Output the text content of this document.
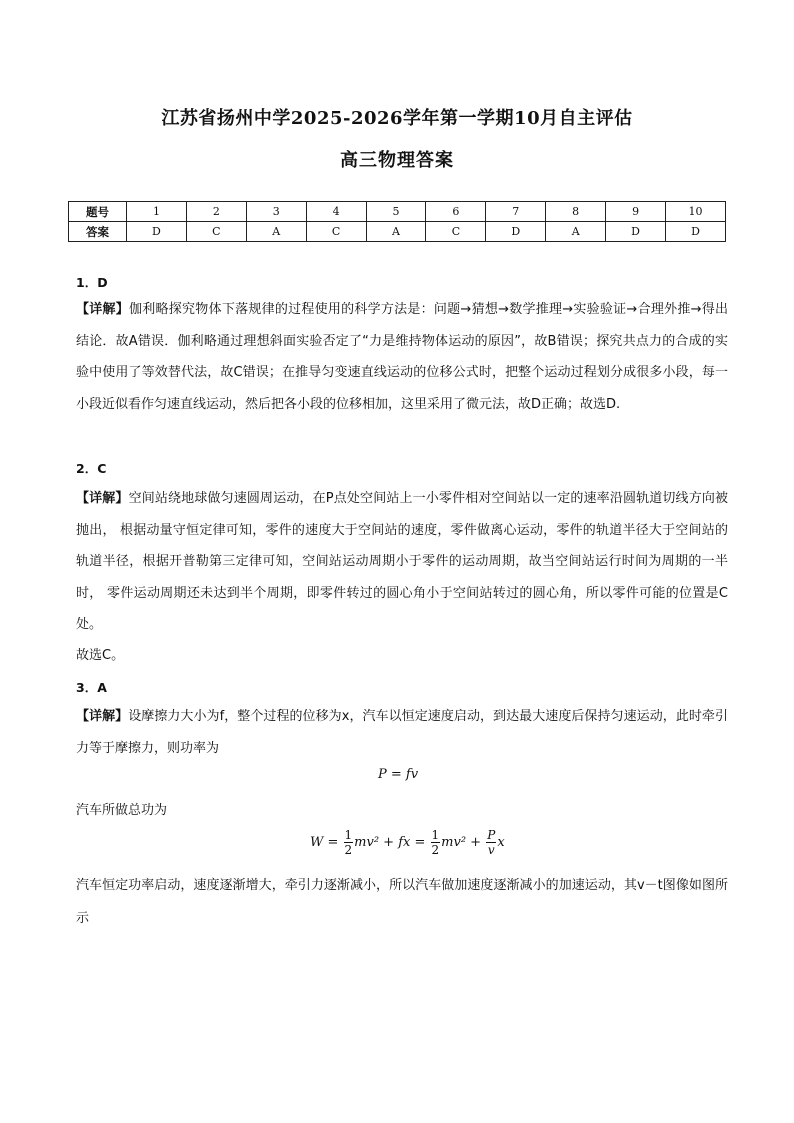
江苏省扬州中学2025-2026学年第一学期10月自主评估
高三物理答案
题号	1	2	3	4	5	6	7	8	9	10
答案	D	C	A	C	A	C	D	A	D	D
1．D
【详解】伽利略探究物体下落规律的过程使用的科学方法是：问题→猜想→数学推理→实验验证→合理外推→得出结论．故A错误．伽利略通过理想斜面实验否定了“力是维持物体运动的原因”，故B错误；探究共点力的合成的实验中使用了等效替代法，故C错误；在推导匀变速直线运动的位移公式时，把整个运动过程划分成很多小段，每一小段近似看作匀速直线运动，然后把各小段的位移相加，这里采用了微元法，故D正确；故选D.
2．C
【详解】空间站绕地球做匀速圆周运动，在P点处空间站上一小零件相对空间站以一定的速率沿圆轨道切线方向被抛出， 根据动量守恒定律可知，零件的速度大于空间站的速度，零件做离心运动，零件的轨道半径大于空间站的轨道半径，根据开普勒第三定律可知，空间站运动周期小于零件的运动周期，故当空间站运行时间为周期的一半时， 零件运动周期还未达到半个周期，即零件转过的圆心角小于空间站转过的圆心角，所以零件可能的位置是C处。
故选C。
3．A
【详解】设摩擦力大小为f，整个过程的位移为x，汽车以恒定速度启动，到达最大速度后保持匀速运动，此时牵引力等于摩擦力，则功率为
P = fv
汽车所做总功为
$W = \frac{1}{2} mv^2$ + fx = $\frac{1}{2} mv^2 + \frac{P}{v}$ x
汽车恒定功率启动，速度逐渐增大，牵引力逐渐减小，所以汽车做加速度逐渐减小的加速运动，其v－t图像如图所示
